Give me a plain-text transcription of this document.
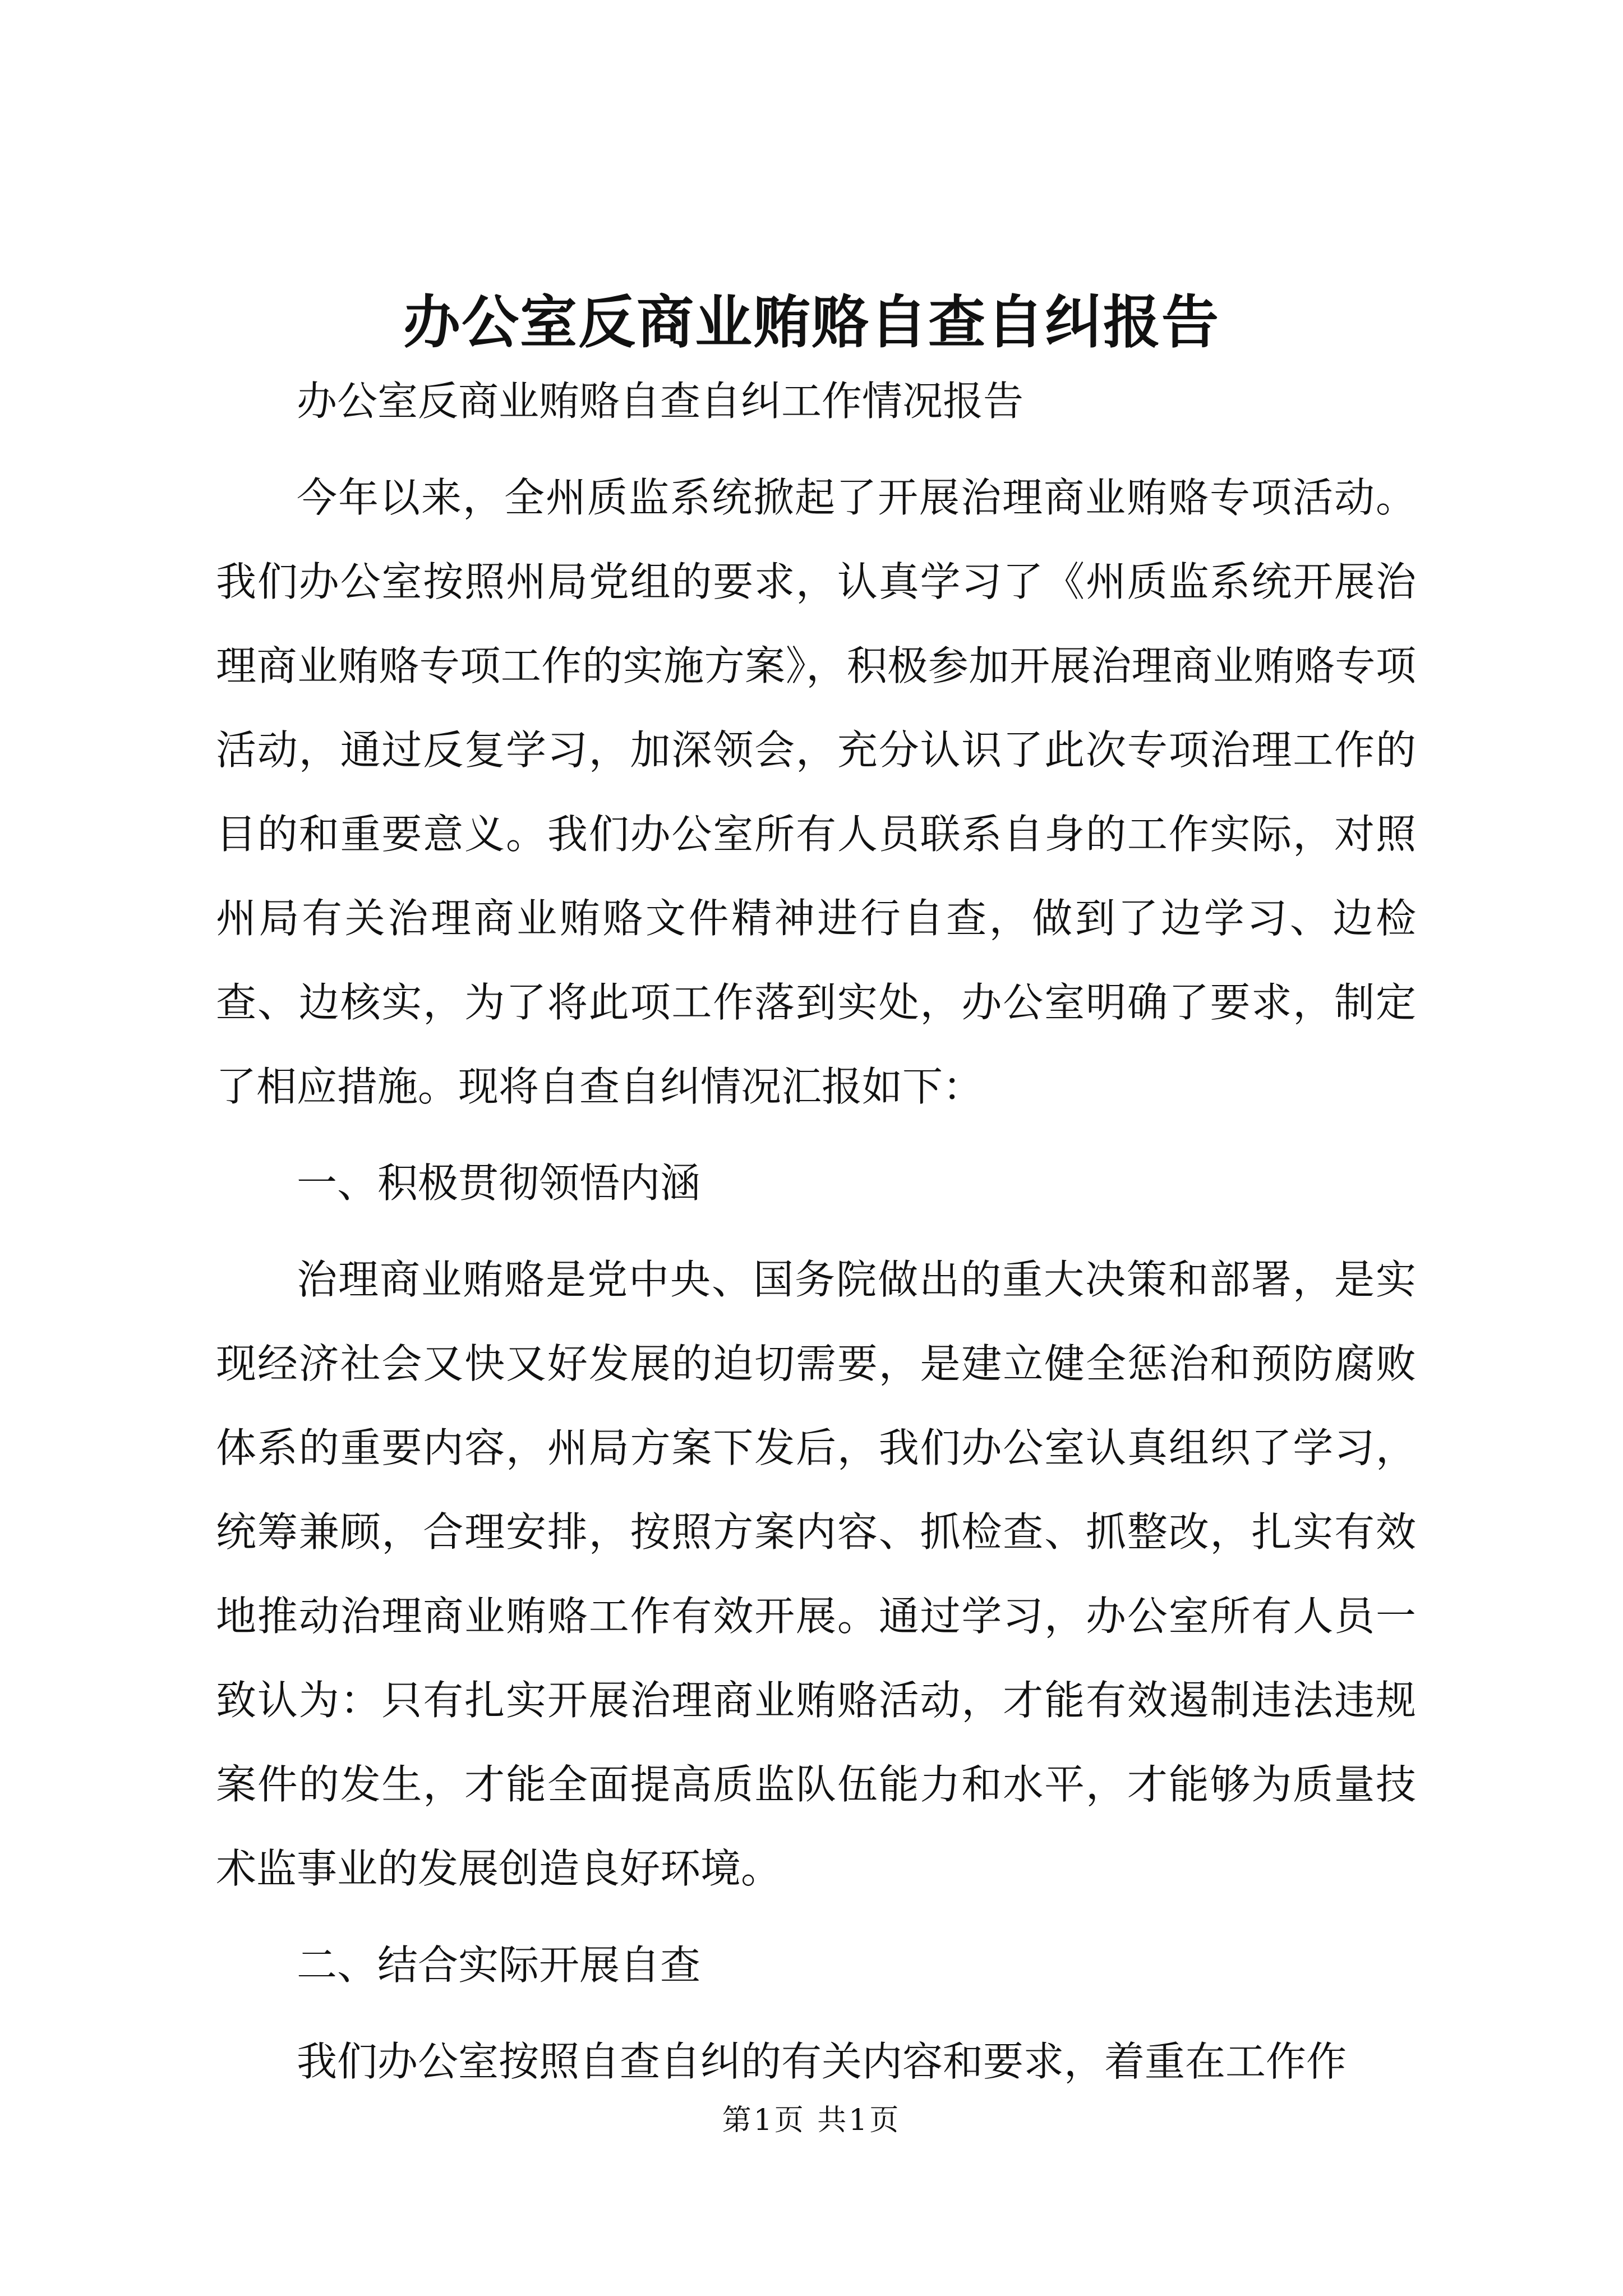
办公室反商业贿赂自查自纠报告

办公室反商业贿赂自查自纠工作情况报告

今年以来，全州质监系统掀起了开展治理商业贿赂专项活动。我们办公室按照州局党组的要求，认真学习了《州质监系统开展治理商业贿赂专项工作的实施方案》，积极参加开展治理商业贿赂专项活动，通过反复学习，加深领会，充分认识了此次专项治理工作的目的和重要意义。我们办公室所有人员联系自身的工作实际，对照州局有关治理商业贿赂文件精神进行自查，做到了边学习、边检查、边核实，为了将此项工作落到实处，办公室明确了要求，制定了相应措施。现将自查自纠情况汇报如下：

一、积极贯彻领悟内涵

治理商业贿赂是党中央、国务院做出的重大决策和部署，是实现经济社会又快又好发展的迫切需要，是建立健全惩治和预防腐败体系的重要内容，州局方案下发后，我们办公室认真组织了学习，统筹兼顾，合理安排，按照方案内容、抓检查、抓整改，扎实有效地推动治理商业贿赂工作有效开展。通过学习，办公室所有人员一致认为：只有扎实开展治理商业贿赂活动，才能有效遏制违法违规案件的发生，才能全面提高质监队伍能力和水平，才能够为质量技术监事业的发展创造良好环境。

二、结合实际开展自查

我们办公室按照自查自纠的有关内容和要求，着重在工作作

第1页 共1页
